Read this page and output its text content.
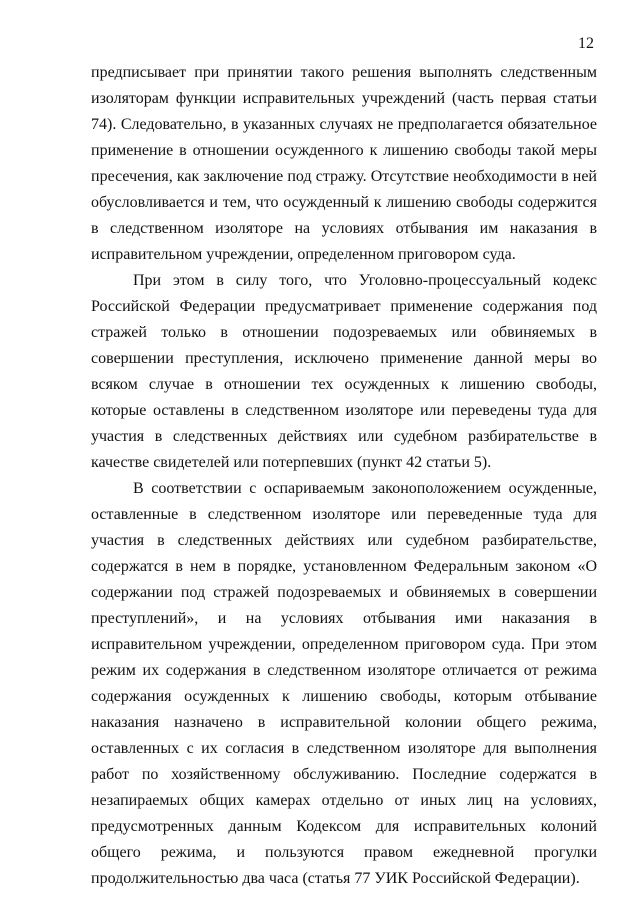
12

предписывает при принятии такого решения выполнять следственным изоляторам функции исправительных учреждений (часть первая статьи 74). Следовательно, в указанных случаях не предполагается обязательное применение в отношении осужденного к лишению свободы такой меры пресечения, как заключение под стражу. Отсутствие необходимости в ней обусловливается и тем, что осужденный к лишению свободы содержится в следственном изоляторе на условиях отбывания им наказания в исправительном учреждении, определенном приговором суда.

При этом в силу того, что Уголовно-процессуальный кодекс Российской Федерации предусматривает применение содержания под стражей только в отношении подозреваемых или обвиняемых в совершении преступления, исключено применение данной меры во всяком случае в отношении тех осужденных к лишению свободы, которые оставлены в следственном изоляторе или переведены туда для участия в следственных действиях или судебном разбирательстве в качестве свидетелей или потерпевших (пункт 42 статьи 5).

В соответствии с оспариваемым законоположением осужденные, оставленные в следственном изоляторе или переведенные туда для участия в следственных действиях или судебном разбирательстве, содержатся в нем в порядке, установленном Федеральным законом «О содержании под стражей подозреваемых и обвиняемых в совершении преступлений», и на условиях отбывания ими наказания в исправительном учреждении, определенном приговором суда. При этом режим их содержания в следственном изоляторе отличается от режима содержания осужденных к лишению свободы, которым отбывание наказания назначено в исправительной колонии общего режима, оставленных с их согласия в следственном изоляторе для выполнения работ по хозяйственному обслуживанию. Последние содержатся в незапираемых общих камерах отдельно от иных лиц на условиях, предусмотренных данным Кодексом для исправительных колоний общего режима, и пользуются правом ежедневной прогулки продолжительностью два часа (статья 77 УИК Российской Федерации).
